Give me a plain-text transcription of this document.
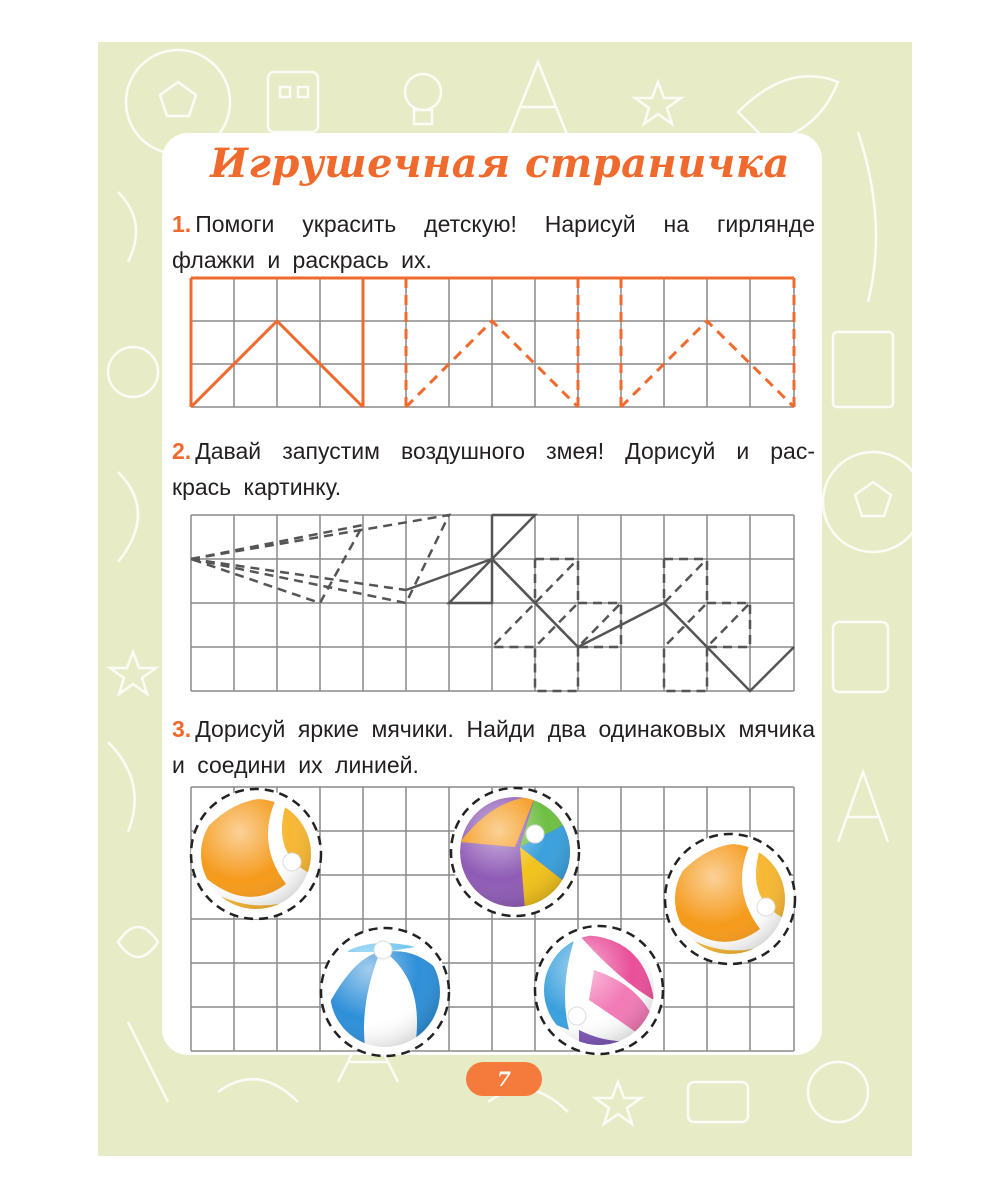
Игрушечная страничка
1. Помоги украсить детскую! Нарисуй на гирлянде флажки и раскрась их.
2. Давай запустим воздушного змея! Дорисуй и рас-крась картинку.
3. Дорисуй яркие мячики. Найди два одинаковых мячика и соедини их линией.
7
